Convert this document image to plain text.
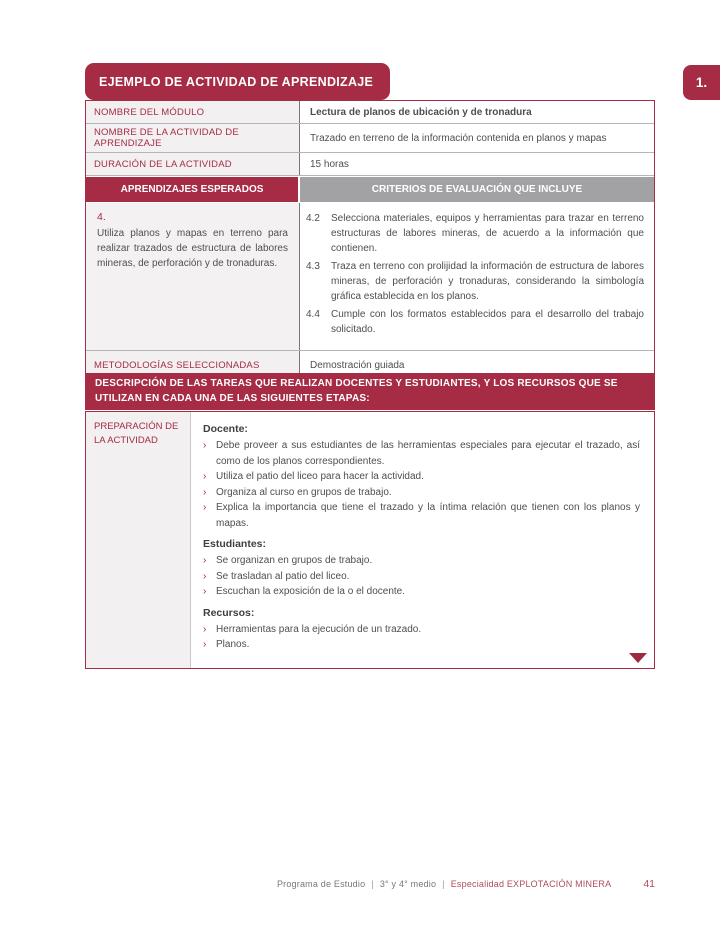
EJEMPLO DE ACTIVIDAD DE APRENDIZAJE	1.
NOMBRE DEL MÓDULO	Lectura de planos de ubicación y de tronadura
NOMBRE DE LA ACTIVIDAD DE APRENDIZAJE	Trazado en terreno de la información contenida en planos y mapas
DURACIÓN DE LA ACTIVIDAD	15 horas
APRENDIZAJES ESPERADOS	CRITERIOS DE EVALUACIÓN QUE INCLUYE
4.
Utiliza planos y mapas en terreno para realizar trazados de estructura de labores mineras, de perforación y de tronaduras.
4.2	Selecciona materiales, equipos y herramientas para trazar en terreno estructuras de labores mineras, de acuerdo a la información que contienen.
4.3	Traza en terreno con prolijidad la información de estructura de labores mineras, de perforación y tronaduras, considerando la simbología gráfica establecida en los planos.
4.4	Cumple con los formatos establecidos para el desarrollo del trabajo solicitado.
METODOLOGÍAS SELECCIONADAS	Demostración guiada
DESCRIPCIÓN DE LAS TAREAS QUE REALIZAN DOCENTES Y ESTUDIANTES, Y LOS RECURSOS QUE SE UTILIZAN EN CADA UNA DE LAS SIGUIENTES ETAPAS:
PREPARACIÓN DE LA ACTIVIDAD
Docente:
› Debe proveer a sus estudiantes de las herramientas especiales para ejecutar el trazado, así como de los planos correspondientes.
› Utiliza el patio del liceo para hacer la actividad.
› Organiza al curso en grupos de trabajo.
› Explica la importancia que tiene el trazado y la íntima relación que tienen con los planos y mapas.
Estudiantes:
› Se organizan en grupos de trabajo.
› Se trasladan al patio del liceo.
› Escuchan la exposición de la o el docente.
Recursos:
› Herramientas para la ejecución de un trazado.
› Planos.
Programa de Estudio | 3° y 4° medio | Especialidad EXPLOTACIÓN MINERA	41
